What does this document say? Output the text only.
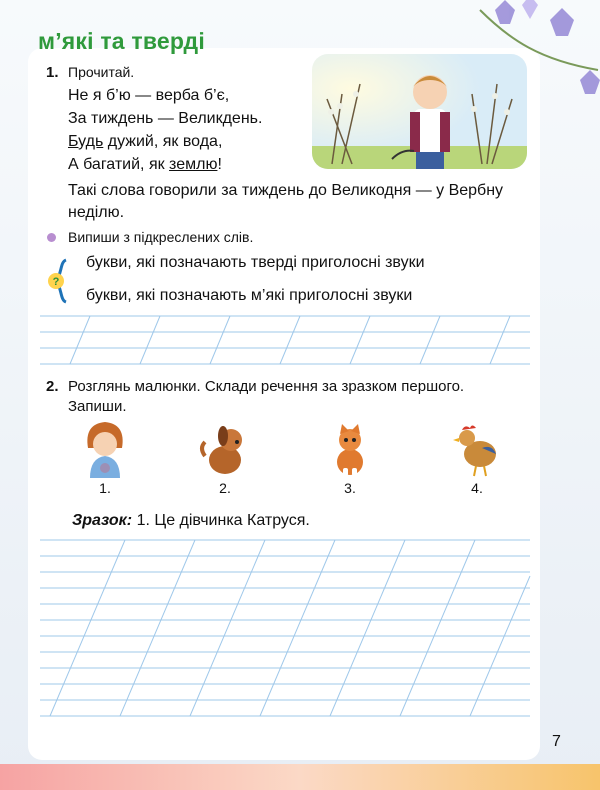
м’які та тверді
1. Прочитай.
Не я б’ю — верба б’є,
За тиждень — Великдень.
Будь дужий, як вода,
А багатий, як землю!
Такі слова говорили за тиждень до Великодня — у Вербну неділю.
Випиши з підкреслених слів.
?
букви, які позначають тверді приголосні звуки
букви, які позначають м’які приголосні звуки
2. Розглянь малюнки. Склади речення за зразком першого.
Запиши.
1.	2.	3.	4.
Зразок: 1. Це дівчинка Катруся.
7
